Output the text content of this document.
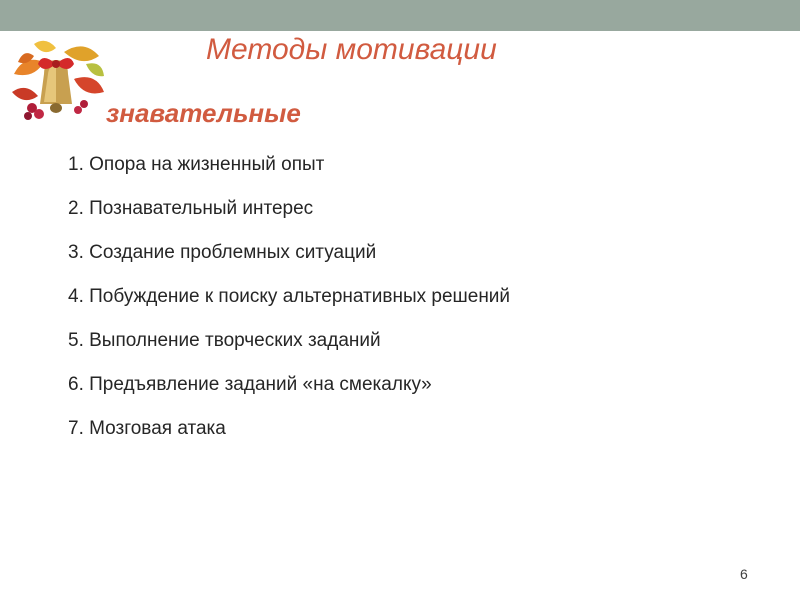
Методы мотивации
знавательные
1. Опора на жизненный опыт
2. Познавательный интерес
3. Создание проблемных ситуаций
4. Побуждение к поиску альтернативных решений
5. Выполнение творческих заданий
6. Предъявление заданий «на смекалку»
7. Мозговая атака
6
